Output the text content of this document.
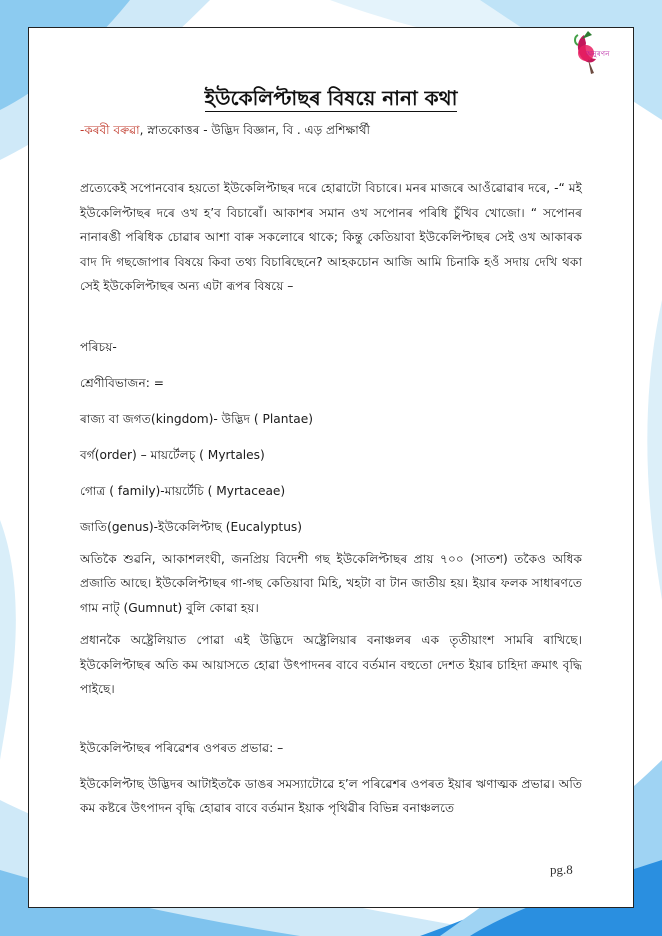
অনুৰণন
ইউকেলিপ্টাছৰ বিষয়ে নানা কথা
-কৰবী বৰুৱা, স্নাতকোত্তৰ - উদ্ভিদ বিজ্ঞান, বি . এড় প্ৰশিক্ষাৰ্থী

প্ৰত্যেকেই সপোনবোৰ হয়তো ইউকেলিপ্টাছৰ দৰে হোৱাটো বিচাৰে। মনৰ মাজৰে আওঁৱোৱাৰ দৰে, -“ মই ইউকেলিপ্টাছৰ দৰে ওখ হ’ব বিচাৰোঁ। আকাশৰ সমান ওখ সপোনৰ পৰিধি চুঁখিব খোজো। “ সপোনৰ নানাৰঙী পৰিধিক চোৱাৰ আশা বাৰু সকলোৰে থাকে; কিন্তু কেতিয়াবা ইউকেলিপ্টাছৰ সেই ওখ আকাৰক বাদ দি গছজোপাৰ বিষয়ে কিবা তথ্য বিচাৰিছেনে? আহকচোন আজি আমি চিনাকি হওঁ সদায় দেখি থকা সেই ইউকেলিপ্টাছৰ অন্য এটা ৰূপৰ বিষয়ে –

পৰিচয়-

শ্ৰেণীবিভাজন: =

ৰাজ্য বা জগত(kingdom)- উদ্ভিদ ( Plantae)

বৰ্গ(order) – মায়ৰ্টেলচ্ ( Myrtales)

গোত্ৰ ( family)-মায়ৰ্টেচি ( Myrtaceae)

জাতি(genus)-ইউকেলিপ্টাছ (Eucalyptus)

অতিকৈ শুৱনি, আকাশলংঘী, জনপ্ৰিয় বিদেশী গছ ইউকেলিপ্টাছৰ প্ৰায় ৭০০ (সাতশ) তকৈও অধিক প্ৰজাতি আছে। ইউকেলিপ্টাছৰ গা-গছ কেতিয়াবা মিহি, খহটা বা টান জাতীয় হয়। ইয়াৰ ফলক সাধাৰণতে গাম নাট্ (Gumnut) বুলি কোৱা হয়।

প্ৰধানকৈ অষ্ট্ৰেলিয়াত পোৱা এই উদ্ভিদে অষ্ট্ৰেলিয়াৰ বনাঞ্চলৰ এক তৃতীয়াংশ সামৰি ৰাখিছে। ইউকেলিপ্টাছৰ অতি কম আয়াসতে হোৱা উৎপাদনৰ বাবে বৰ্তমান বহুতো দেশত ইয়াৰ চাহিদা ক্ৰমাৎ বৃদ্ধি পাইছে।

ইউকেলিপ্টাছৰ পৰিৱেশৰ ওপৰত প্ৰভাৱ: –

ইউকেলিপ্টাছ উদ্ভিদৰ আটাইতকৈ ডাঙৰ সমস্যাটোৱে হ’ল পৰিৱেশৰ ওপৰত ইয়াৰ ঋণাত্মক প্ৰভাৱ। অতি কম কষ্টৰে উৎপাদন বৃদ্ধি হোৱাৰ বাবে বৰ্তমান ইয়াক পৃথিৱীৰ বিভিন্ন বনাঞ্চলতে

pg.8
